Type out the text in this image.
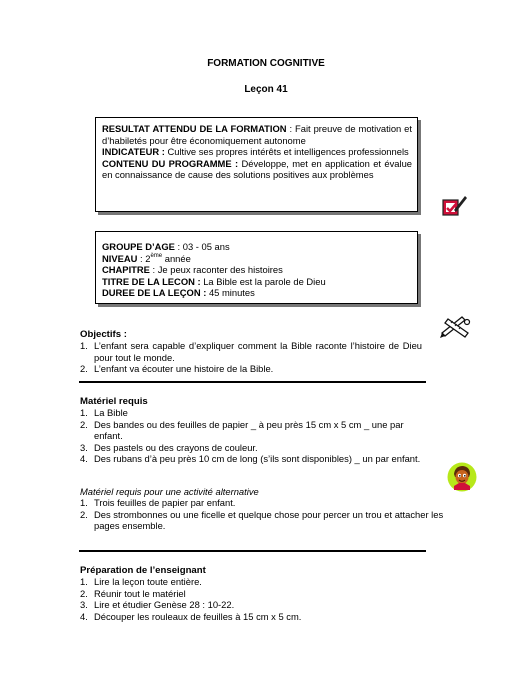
FORMATION COGNITIVE
Leçon 41
RESULTAT ATTENDU DE LA FORMATION : Fait preuve de motivation et d’habiletés pour être économiquement autonome
INDICATEUR : Cultive ses propres intérêts et intelligences professionnels
CONTENU DU PROGRAMME : Développe, met en application et évalue en connaissance de cause des solutions positives aux problèmes
GROUPE D’AGE : 03 - 05 ans
NIVEAU : 2ème année
CHAPITRE : Je peux raconter des histoires
TITRE DE LA LECON : La Bible est la parole de Dieu
DUREE DE LA LEÇON : 45 minutes
Objectifs :
1. L’enfant sera capable d’expliquer comment la Bible raconte l’histoire de Dieu pour tout le monde.
2. L’enfant va écouter une histoire de la Bible.
Matériel requis
1. La Bible
2. Des bandes ou des feuilles de papier _ à peu près 15 cm x 5 cm _ une par enfant.
3. Des pastels ou des crayons de couleur.
4. Des rubans d’à peu près 10 cm de long (s’ils sont disponibles) _ un par enfant.
Matériel requis pour une activité alternative
1. Trois feuilles de papier par enfant.
2. Des strombonnes ou une ficelle et quelque chose pour percer un trou et attacher les pages ensemble.
Préparation de l’enseignant
1. Lire la leçon toute entière.
2. Réunir tout le matériel
3. Lire et étudier Genèse 28 : 10-22.
4. Découper les rouleaux de feuilles à 15 cm x 5 cm.
